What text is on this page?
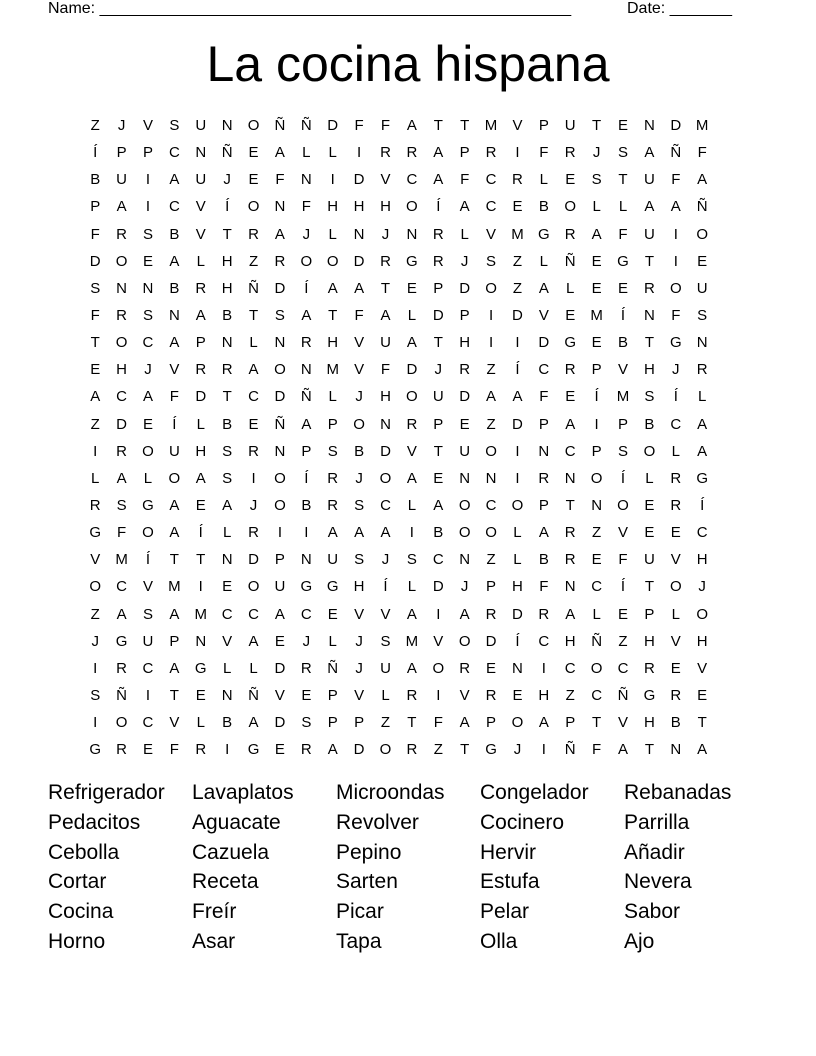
Name: _____________________________________________________	Date: _______
La cocina hispana
Z	J	V	S	U	N	O	Ñ	Ñ	D	F	F	A	T	T	M	V	P	U	T	E	N	D M
Í	P	P	C	N	Ñ	E	A	L	L	I	R	R	A	P	R	I	F	R	J	S	A	Ñ	F
B	U	I	A	U	J	E	F	N	I	D	V	C	A	F	C	R	L	E	S	T	U	F	A
P	A	I	C	V	Í	O	N	F	H	H	H	O	Í	A	C	E	B	O	L	L	A	A	Ñ
F	R	S	B	V	T	R	A	J	L	N	J	N	R	L	V	M G	R	A	F	U	I	O
D	O	E	A	L	H	Z	R	O O	D	R	G	R	J	S	Z	L	Ñ	E	G	T	I	E
S	N	N	B	R	H	Ñ	D	Í	A	A	T	E	P	D	O	Z	A	L	E	E	R	O	U
F	R	S	N	A	B	T	S	A	T	F	A	L	D	P	I	D	V	E	M	Í	N	F	S
T	O	C	A	P	N	L	N	R	H	V	U	A	T	H	I	I	D	G	E	B	T	G	N
E	H	J	V	R	R	A	O	N M	V	F	D	J	R	Z	Í	C	R	P	V	H	J	R
A	C	A	F	D	T	C	D	Ñ	L	J	H	O	U	D	A	A	F	E	Í	M	S	Í	L
Z	D	E	Í	L	B	E	Ñ	A	P	O	N	R	P	E	Z	D	P	A	I	P	B	C	A
I	R	O	U	H	S	R	N	P	S	B	D	V	T	U	O	I	N	C	P	S	O	L	A
L	A	L	O	A	S	I	O	Í	R	J	O	A	E	N	N	I	R	N	O	Í	L	R	G
R	S	G	A	E	A	J	O	B	R	S	C	L	A	O	C	O	P	T	N	O	E	R	Í
G	F	O	A	Í	L	R	I	I	A	A	A	I	B	O O	L	A	R	Z	V	E	E	C
V	M	Í	T	T	N	D	P	N	U	S	J	S	C	N	Z	L	B	R	E	F	U	V	H
O	C	V	M	I	E	O	U	G G	H	Í	L	D	J	P	H	F	N	C	Í	T	O	J
Z	A	S	A	M C	C	A	C	E	V	V	A	I	A	R	D	R	A	L	E	P	L	O
J	G	U	P	N	V	A	E	J	L	J	S	M	V	O	D	Í	C	H	Ñ	Z	H	V	H
I	R	C	A	G	L	L	D	R	Ñ	J	U	A	O	R	E	N	I	C	O	C	R	E	V
S	Ñ	I	T	E	N	Ñ	V	E	P	V	L	R	I	V	R	E	H	Z	C	Ñ	G	R	E
I	O	C	V	L	B	A	D	S	P	P	Z	T	F	A	P	O	A	P	T	V	H	B	T
G	R	E	F	R	I	G	E	R	A	D	O	R	Z	T	G	J	I	Ñ	F	A	T	N	A
Refrigerador	Lavaplatos	Microondas	Congelador	Rebanadas
Pedacitos	Aguacate	Revolver	Cocinero	Parrilla
Cebolla	Cazuela	Pepino	Hervir	Añadir
Cortar	Receta	Sarten	Estufa	Nevera
Cocina	Freír	Picar	Pelar	Sabor
Horno	Asar	Tapa	Olla	Ajo
